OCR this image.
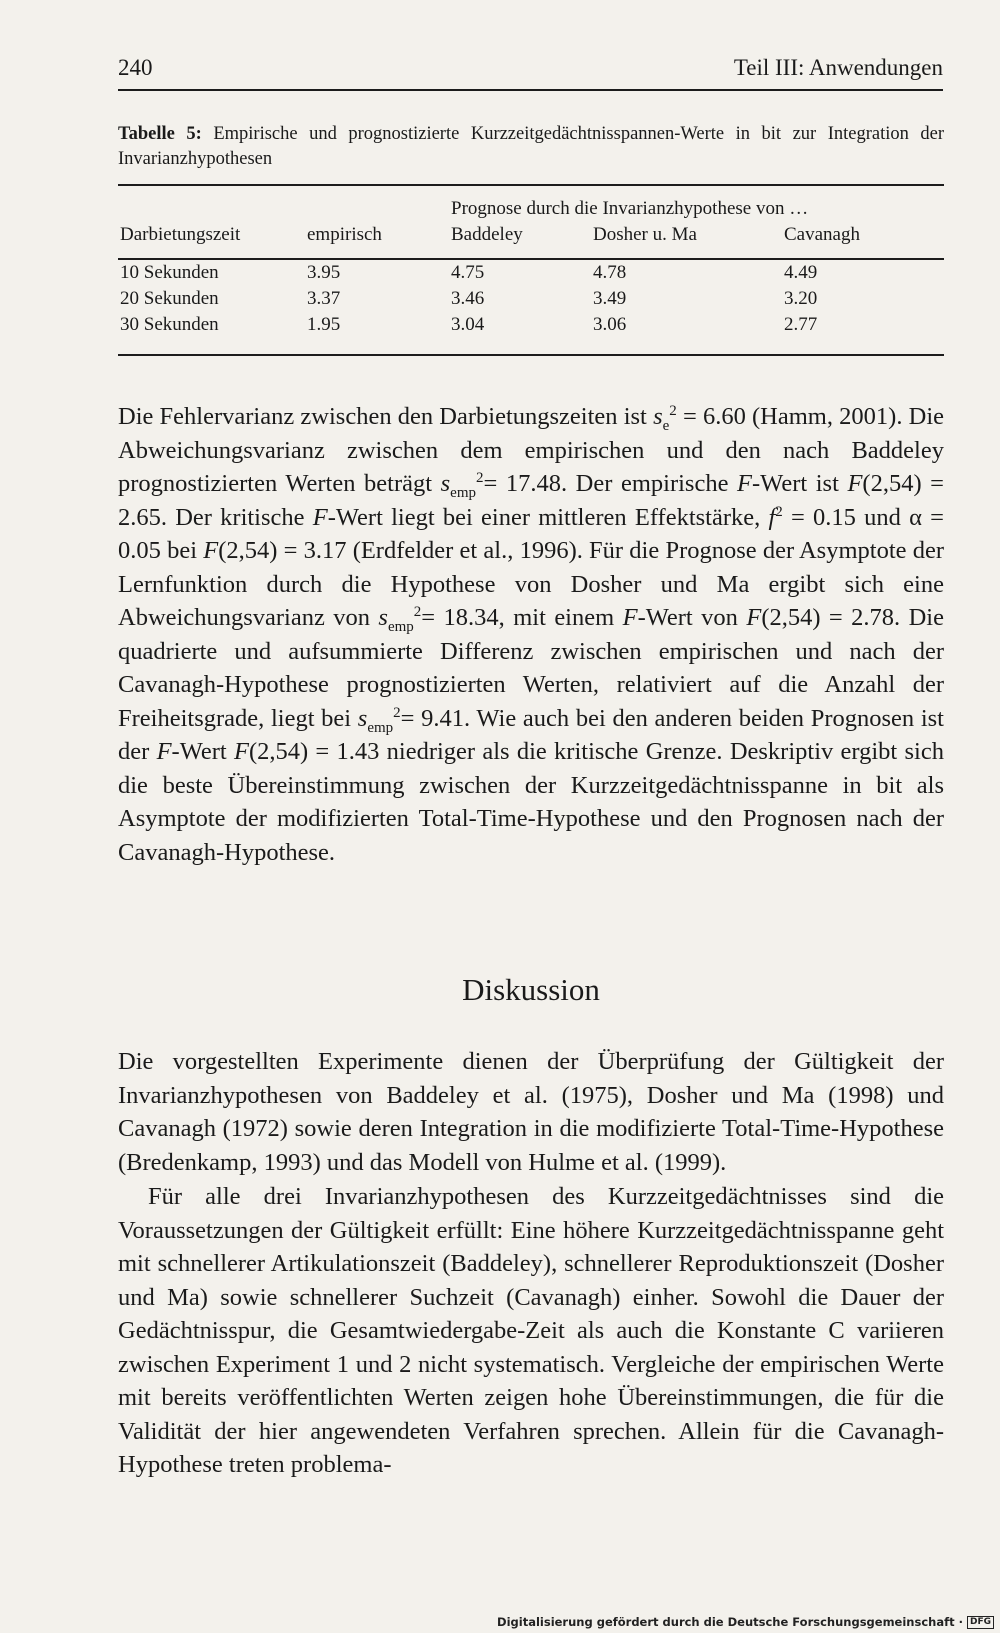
240	Teil III: Anwendungen
Tabelle 5: Empirische und prognostizierte Kurzzeitgedächtnisspannen-Werte in bit zur Integration der Invarianzhypothesen
Prognose durch die Invarianzhypothese von …
Darbietungszeit	empirisch	Baddeley	Dosher u. Ma	Cavanagh
10 Sekunden	3.95	4.75	4.78	4.49
20 Sekunden	3.37	3.46	3.49	3.20
30 Sekunden	1.95	3.04	3.06	2.77
Die Fehlervarianz zwischen den Darbietungszeiten ist $s_e^2 = 6.60$ (Hamm, 2001). Die Abweichungsvarianz zwischen dem empirischen und den nach Baddeley prognostizierten Werten beträgt $s_{emp}^2= 17.48$. Der empirische F-Wert ist F(2,54) = 2.65. Der kritische F-Wert liegt bei einer mittleren Effektstärke, $f^2 = 0.15$ und α = 0.05 bei F(2,54) = 3.17 (Erdfelder et al., 1996). Für die Prognose der Asymptote der Lernfunktion durch die Hypothese von Dosher und Ma ergibt sich eine Abweichungsvarianz von $s_{emp}^2= 18.34$, mit einem F-Wert von F(2,54) = 2.78. Die quadrierte und aufsummierte Differenz zwischen empirischen und nach der Cavanagh-Hypothese prognostizierten Werten, relativiert auf die Anzahl der Freiheitsgrade, liegt bei $s_{emp}^2= 9.41$. Wie auch bei den anderen beiden Prognosen ist der F-Wert F(2,54) = 1.43 niedriger als die kritische Grenze. Deskriptiv ergibt sich die beste Übereinstimmung zwischen der Kurzzeitgedächtnisspanne in bit als Asymptote der modifizierten Total-Time-Hypothese und den Prognosen nach der Cavanagh-Hypothese.
Diskussion
Die vorgestellten Experimente dienen der Überprüfung der Gültigkeit der Invarianzhypothesen von Baddeley et al. (1975), Dosher und Ma (1998) und Cavanagh (1972) sowie deren Integration in die modifizierte Total-Time-Hypothese (Bredenkamp, 1993) und das Modell von Hulme et al. (1999).
Für alle drei Invarianzhypothesen des Kurzzeitgedächtnisses sind die Voraussetzungen der Gültigkeit erfüllt: Eine höhere Kurzzeitgedächtnisspanne geht mit schnellerer Artikulationszeit (Baddeley), schnellerer Reproduktionszeit (Dosher und Ma) sowie schnellerer Suchzeit (Cavanagh) einher. Sowohl die Dauer der Gedächtnisspur, die Gesamtwiedergabe-Zeit als auch die Konstante C variieren zwischen Experiment 1 und 2 nicht systematisch. Vergleiche der empirischen Werte mit bereits veröffentlichten Werten zeigen hohe Übereinstimmungen, die für die Validität der hier angewendeten Verfahren sprechen. Allein für die Cavanagh-Hypothese treten problema-
Digitalisierung gefördert durch die Deutsche Forschungsgemeinschaft · DFG
